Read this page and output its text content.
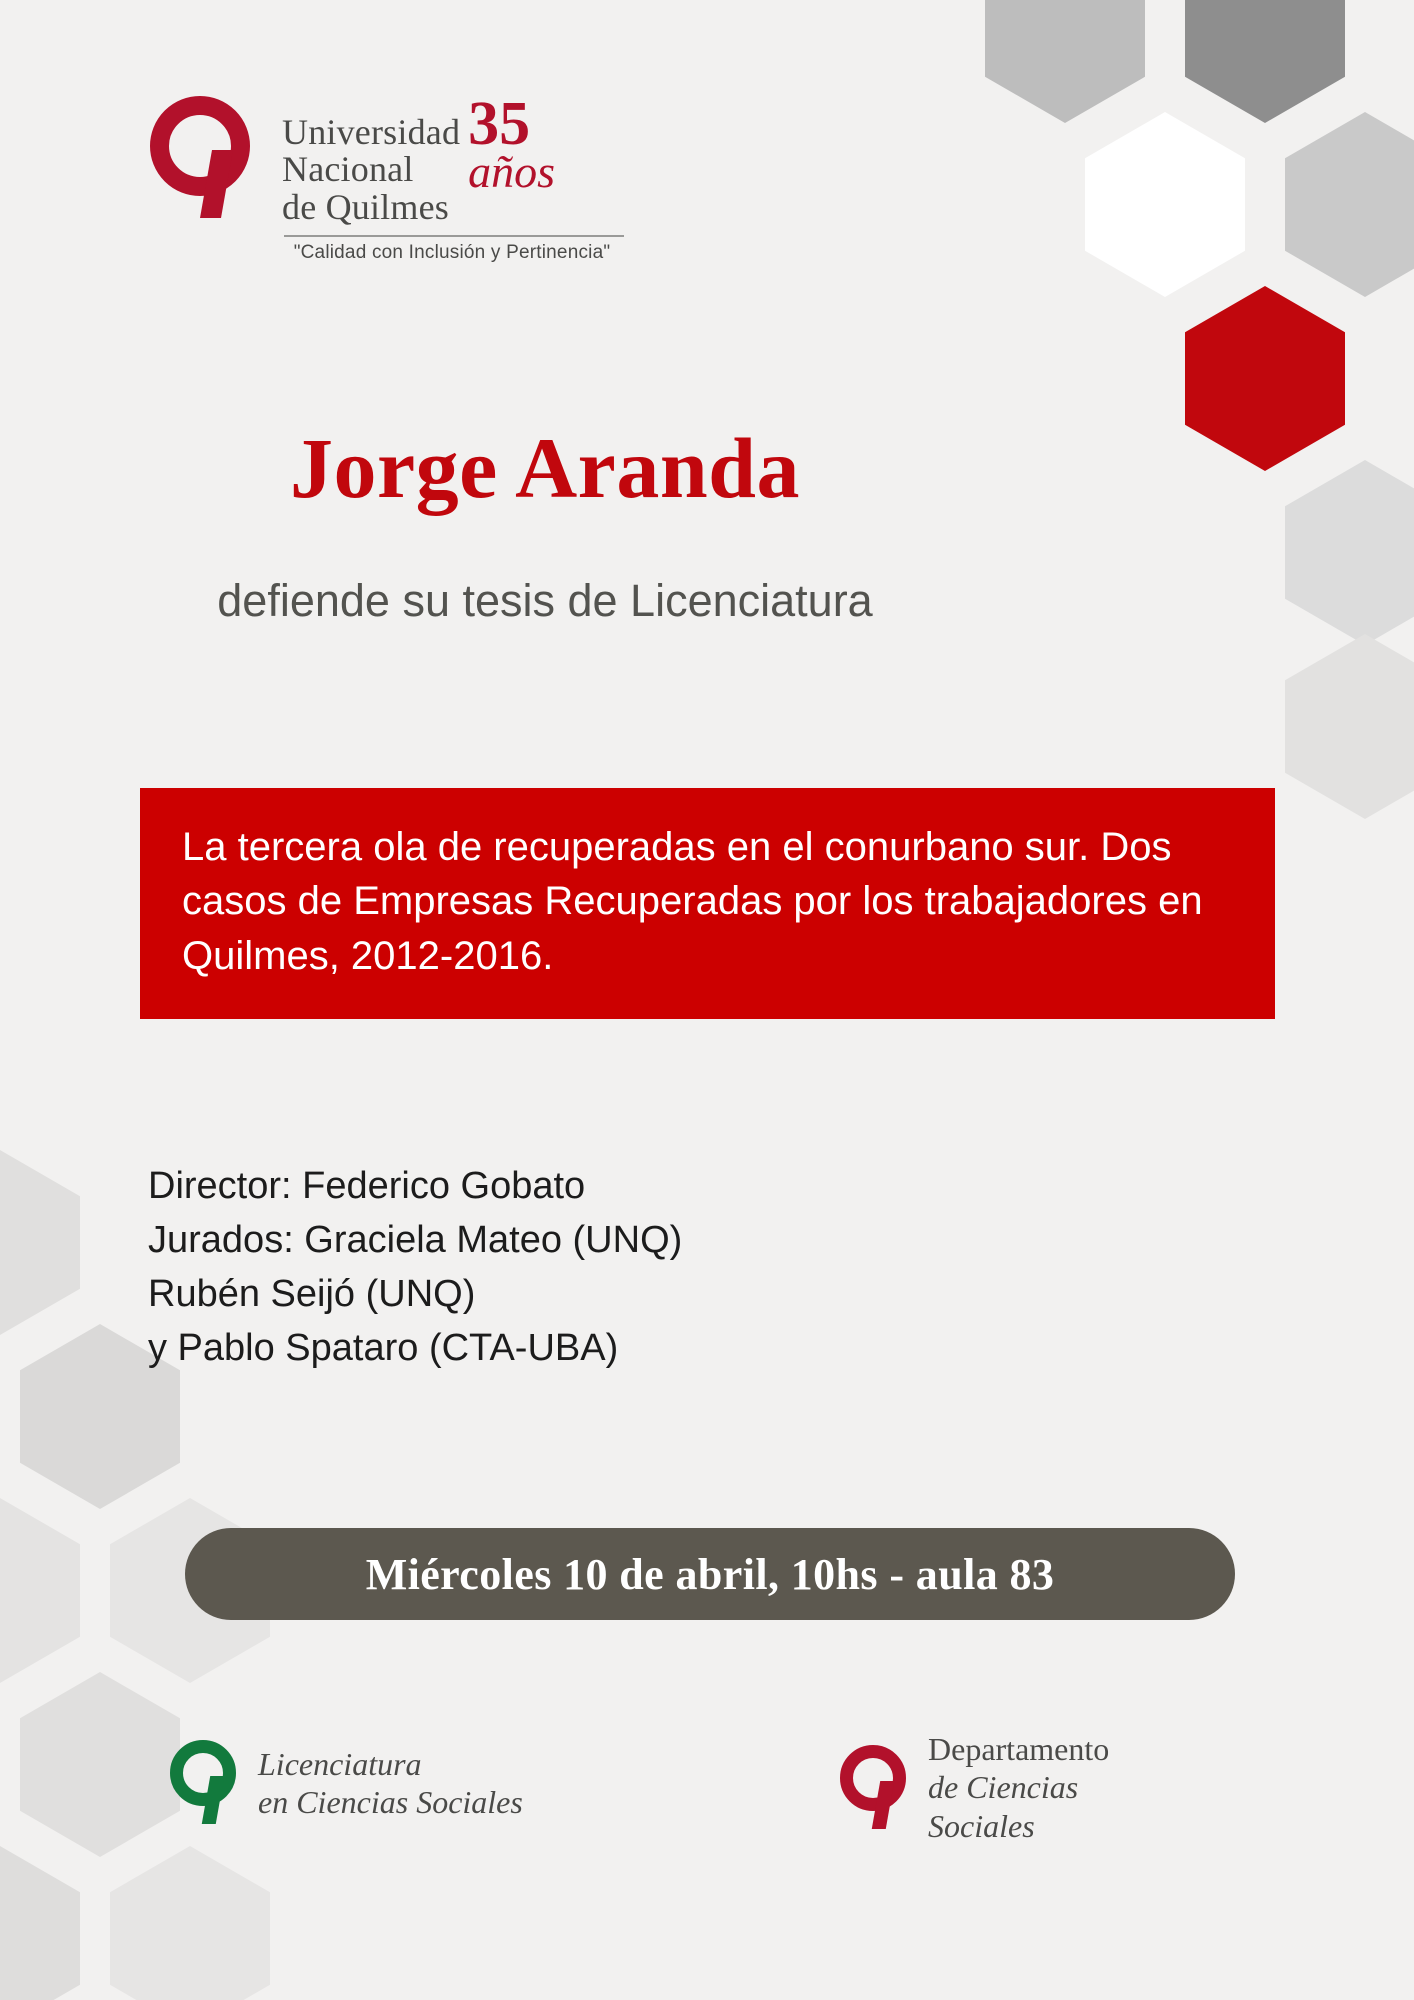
Universidad
Nacional
de Quilmes
35
años
"Calidad con Inclusión y Pertinencia"
Jorge Aranda
defiende su tesis de Licenciatura
La tercera ola de recuperadas en el conurbano sur. Dos casos de Empresas Recuperadas por los trabajadores en Quilmes, 2012-2016.
Director: Federico Gobato
Jurados: Graciela Mateo (UNQ)
Rubén Seijó (UNQ)
y Pablo Spataro (CTA-UBA)
Miércoles 10 de abril, 10hs - aula 83
Licenciatura
en Ciencias Sociales
Departamento
de Ciencias
Sociales
